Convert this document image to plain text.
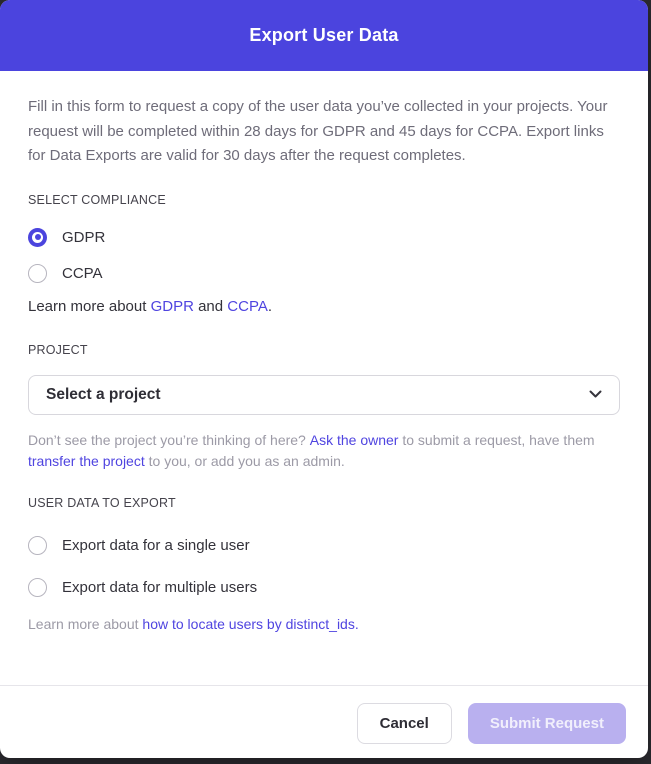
Export User Data

Fill in this form to request a copy of the user data you’ve collected in your projects. Your request will be completed within 28 days for GDPR and 45 days for CCPA. Export links for Data Exports are valid for 30 days after the request completes.

SELECT COMPLIANCE
GDPR
CCPA
Learn more about GDPR and CCPA.
PROJECT
Select a project
Don’t see the project you’re thinking of here? Ask the owner to submit a request, have them transfer the project to you, or add you as an admin.
USER DATA TO EXPORT
Export data for a single user
Export data for multiple users
Learn more about how to locate users by distinct_ids.
Cancel	Submit Request
